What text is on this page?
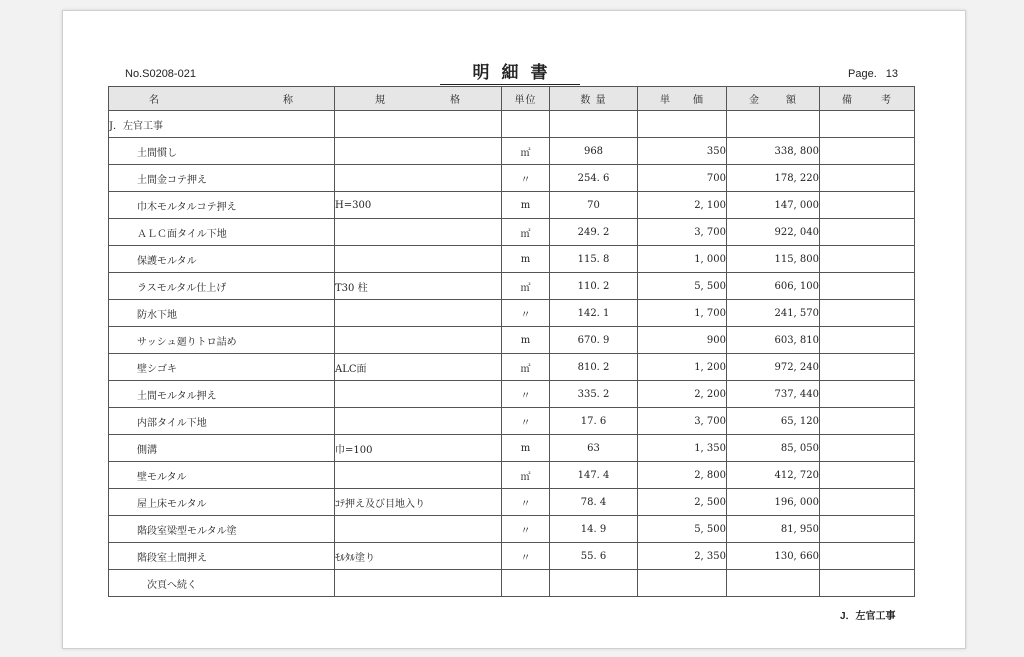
No.S0208-021	明細書	Page. 13
名 称	規 格	単位	数 量	単 価	金 額	備 考

J．左官工事						
土間慣し		㎡	968	350	338, 800	
土間金コテ押え		〃	254. 6	700	178, 220	
巾木モルタルコテ押え	H=300	m	70	2, 100	147, 000	
ＡＬＣ面タイル下地		㎡	249. 2	3, 700	922, 040	
保護モルタル		m	115. 8	1, 000	115, 800	
ラスモルタル仕上げ	T30 柱	㎡	110. 2	5, 500	606, 100	
防水下地		〃	142. 1	1, 700	241, 570	
サッシュ廻りトロ詰め		m	670. 9	900	603, 810	
壁シゴキ	ALC面	㎡	810. 2	1, 200	972, 240	
土間モルタル押え		〃	335. 2	2, 200	737, 440	
内部タイル下地		〃	17. 6	3, 700	65, 120	
側溝	巾=100	m	63	1, 350	85, 050	
壁モルタル		㎡	147. 4	2, 800	412, 720	
屋上床モルタル	ｺﾃ押え及び目地入り	〃	78. 4	2, 500	196, 000	
階段室梁型モルタル塗		〃	14. 9	5, 500	81, 950	
階段室土間押え	ﾓﾙﾀﾙ塗り	〃	55. 6	2, 350	130, 660	
次頁へ続く						
J．左官工事
